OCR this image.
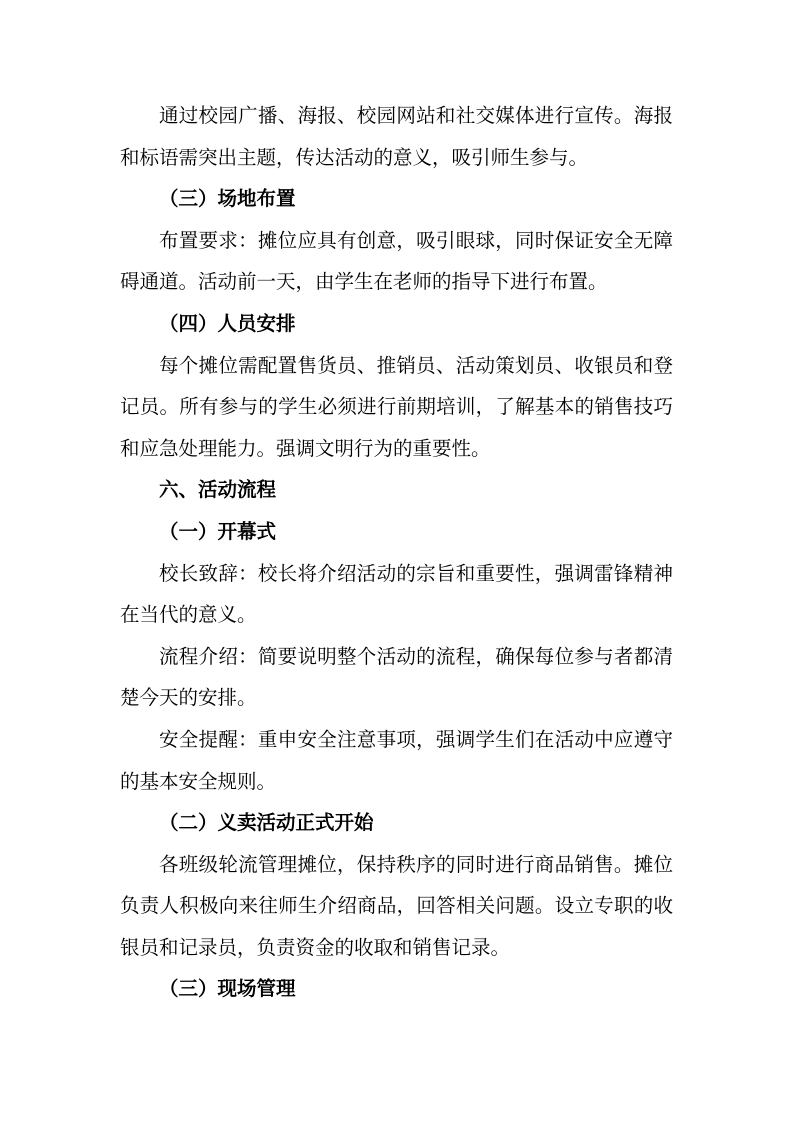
通过校园广播、海报、校园网站和社交媒体进行宣传。海报和标语需突出主题，传达活动的意义，吸引师生参与。

（三）场地布置

布置要求：摊位应具有创意，吸引眼球，同时保证安全无障碍通道。活动前一天，由学生在老师的指导下进行布置。

（四）人员安排

每个摊位需配置售货员、推销员、活动策划员、收银员和登记员。所有参与的学生必须进行前期培训，了解基本的销售技巧和应急处理能力。强调文明行为的重要性。

六、活动流程

（一）开幕式

校长致辞：校长将介绍活动的宗旨和重要性，强调雷锋精神在当代的意义。

流程介绍：简要说明整个活动的流程，确保每位参与者都清楚今天的安排。

安全提醒：重申安全注意事项，强调学生们在活动中应遵守的基本安全规则。

（二）义卖活动正式开始

各班级轮流管理摊位，保持秩序的同时进行商品销售。摊位负责人积极向来往师生介绍商品，回答相关问题。设立专职的收银员和记录员，负责资金的收取和销售记录。

（三）现场管理
